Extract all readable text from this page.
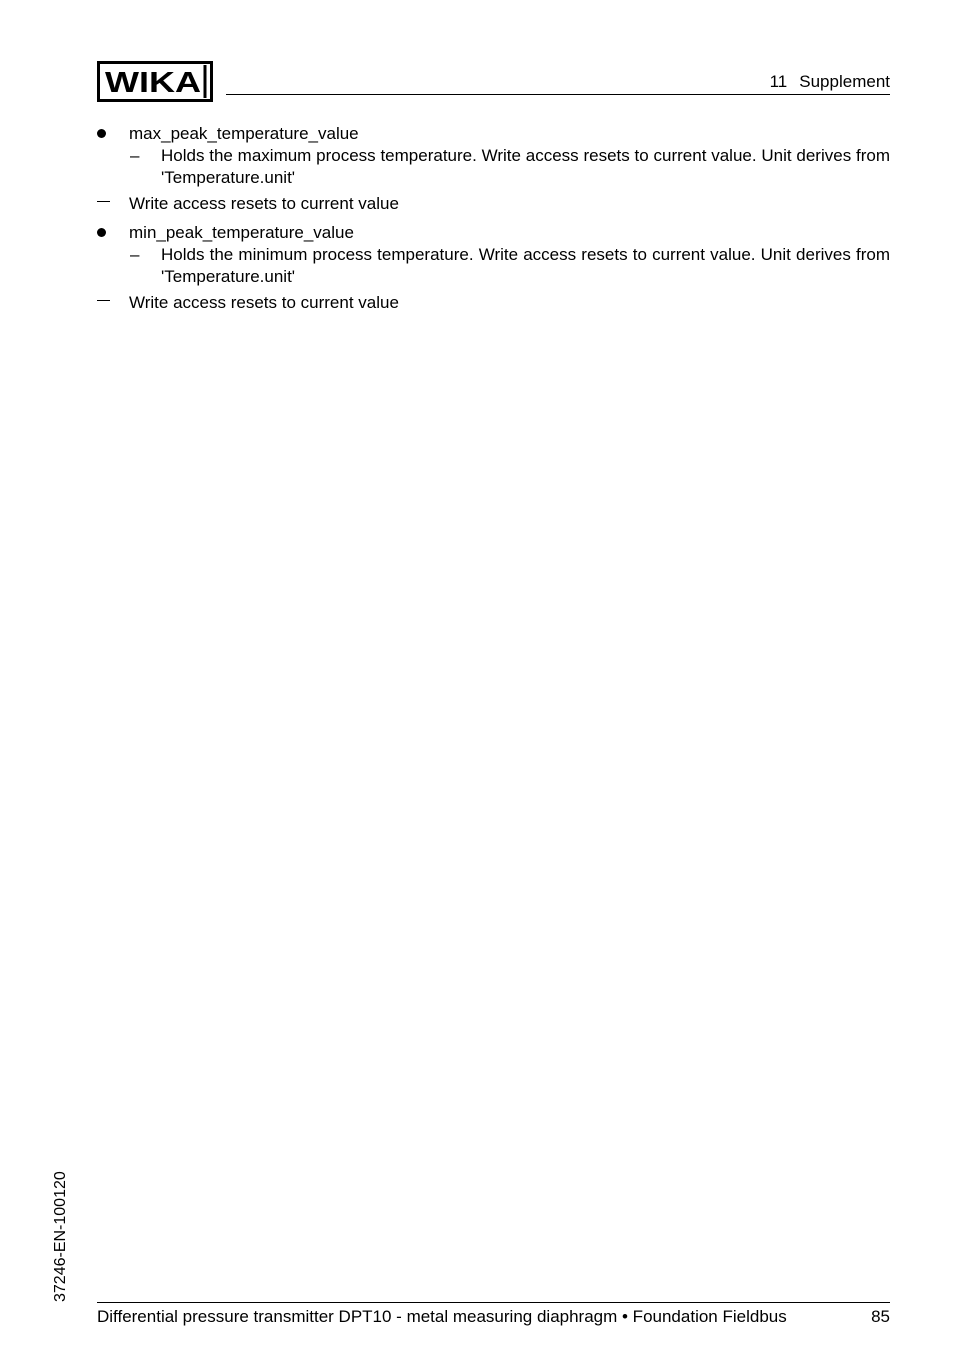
WIKA	11 Supplement
max_peak_temperature_value
– Holds the maximum process temperature. Write access resets to current value. Unit derives from 'Temperature.unit'
Write access resets to current value
min_peak_temperature_value
– Holds the minimum process temperature. Write access resets to current value. Unit derives from 'Temperature.unit'
Write access resets to current value
37246-EN-100120
Differential pressure transmitter DPT10 - metal measuring diaphragm • Foundation Fieldbus	85
